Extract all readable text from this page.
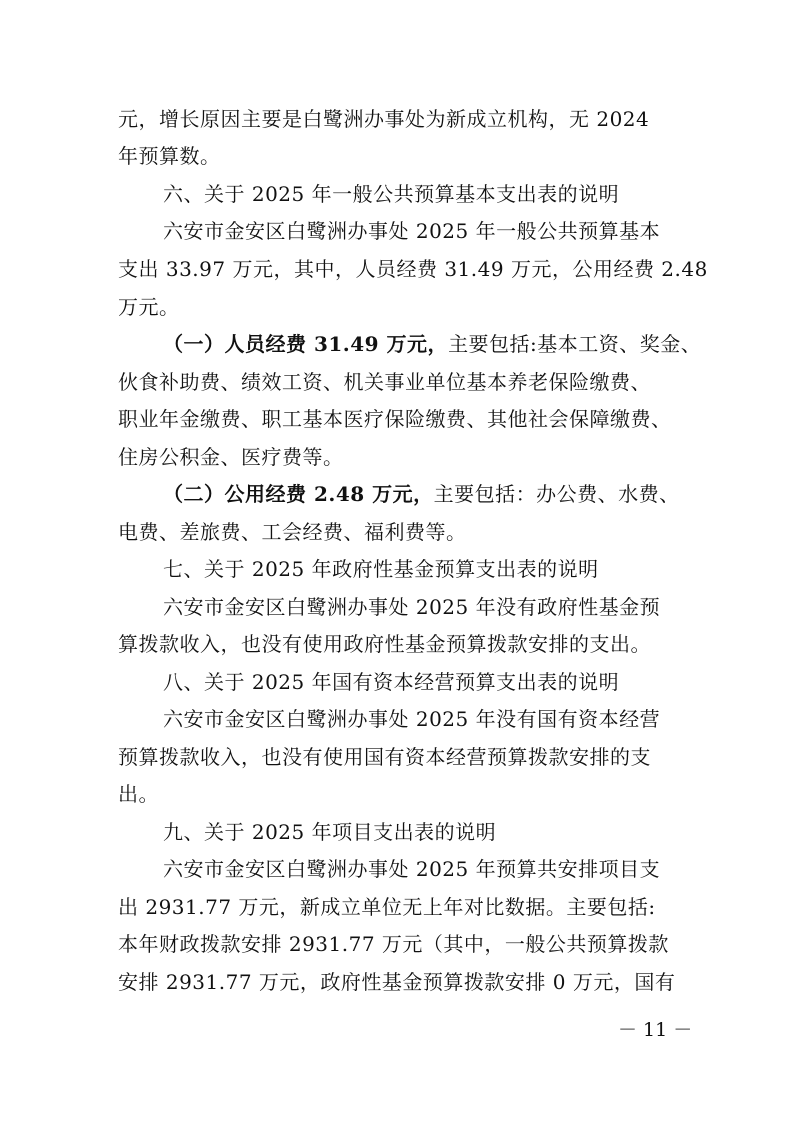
元，增长原因主要是白鹭洲办事处为新成立机构，无 2024
年预算数。
六、关于 2025 年一般公共预算基本支出表的说明
六安市金安区白鹭洲办事处 2025 年一般公共预算基本
支出 33.97 万元，其中，人员经费 31.49 万元，公用经费 2.48
万元。
（一）人员经费 31.49 万元，主要包括:基本工资、奖金、
伙食补助费、绩效工资、机关事业单位基本养老保险缴费、
职业年金缴费、职工基本医疗保险缴费、其他社会保障缴费、
住房公积金、医疗费等。
（二）公用经费 2.48 万元，主要包括：办公费、水费、
电费、差旅费、工会经费、福利费等。
七、关于 2025 年政府性基金预算支出表的说明
六安市金安区白鹭洲办事处 2025 年没有政府性基金预
算拨款收入，也没有使用政府性基金预算拨款安排的支出。
八、关于 2025 年国有资本经营预算支出表的说明
六安市金安区白鹭洲办事处 2025 年没有国有资本经营
预算拨款收入，也没有使用国有资本经营预算拨款安排的支
出。
九、关于 2025 年项目支出表的说明
六安市金安区白鹭洲办事处 2025 年预算共安排项目支
出 2931.77 万元，新成立单位无上年对比数据。主要包括:
本年财政拨款安排 2931.77 万元（其中，一般公共预算拨款
安排 2931.77 万元，政府性基金预算拨款安排 0 万元，国有
－ 11 －
